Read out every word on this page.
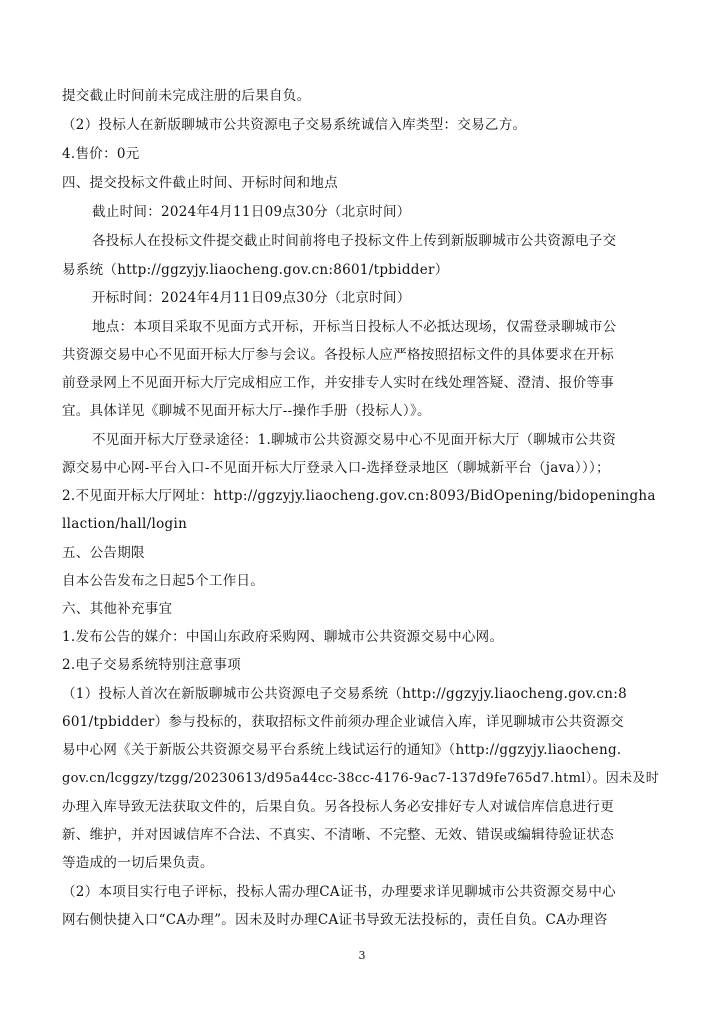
提交截止时间前未完成注册的后果自负。
（2）投标人在新版聊城市公共资源电子交易系统诚信入库类型：交易乙方。
4.售价：0元
四、提交投标文件截止时间、开标时间和地点
截止时间：2024年4月11日09点30分（北京时间）
各投标人在投标文件提交截止时间前将电子投标文件上传到新版聊城市公共资源电子交
易系统（http://ggzyjy.liaocheng.gov.cn:8601/tpbidder）
开标时间：2024年4月11日09点30分（北京时间）
地点：本项目采取不见面方式开标，开标当日投标人不必抵达现场，仅需登录聊城市公
共资源交易中心不见面开标大厅参与会议。各投标人应严格按照招标文件的具体要求在开标
前登录网上不见面开标大厅完成相应工作，并安排专人实时在线处理答疑、澄清、报价等事
宜。具体详见《聊城不见面开标大厅--操作手册（投标人）》。
不见面开标大厅登录途径：1.聊城市公共资源交易中心不见面开标大厅（聊城市公共资
源交易中心网-平台入口-不见面开标大厅登录入口-选择登录地区（聊城新平台（java）））；
2.不见面开标大厅网址：http://ggzyjy.liaocheng.gov.cn:8093/BidOpening/bidopeningha
llaction/hall/login
五、公告期限
自本公告发布之日起5个工作日。
六、其他补充事宜
1.发布公告的媒介：中国山东政府采购网、聊城市公共资源交易中心网。
2.电子交易系统特别注意事项
（1）投标人首次在新版聊城市公共资源电子交易系统（http://ggzyjy.liaocheng.gov.cn:8
601/tpbidder）参与投标的，获取招标文件前须办理企业诚信入库，详见聊城市公共资源交
易中心网《关于新版公共资源交易平台系统上线试运行的通知》（http://ggzyjy.liaocheng.
gov.cn/lcggzy/tzgg/20230613/d95a44cc-38cc-4176-9ac7-137d9fe765d7.html）。因未及时
办理入库导致无法获取文件的，后果自负。另各投标人务必安排好专人对诚信库信息进行更
新、维护，并对因诚信库不合法、不真实、不清晰、不完整、无效、错误或编辑待验证状态
等造成的一切后果负责。
（2）本项目实行电子评标，投标人需办理CA证书，办理要求详见聊城市公共资源交易中心
网右侧快捷入口“CA办理”。因未及时办理CA证书导致无法投标的，责任自负。CA办理咨
3
